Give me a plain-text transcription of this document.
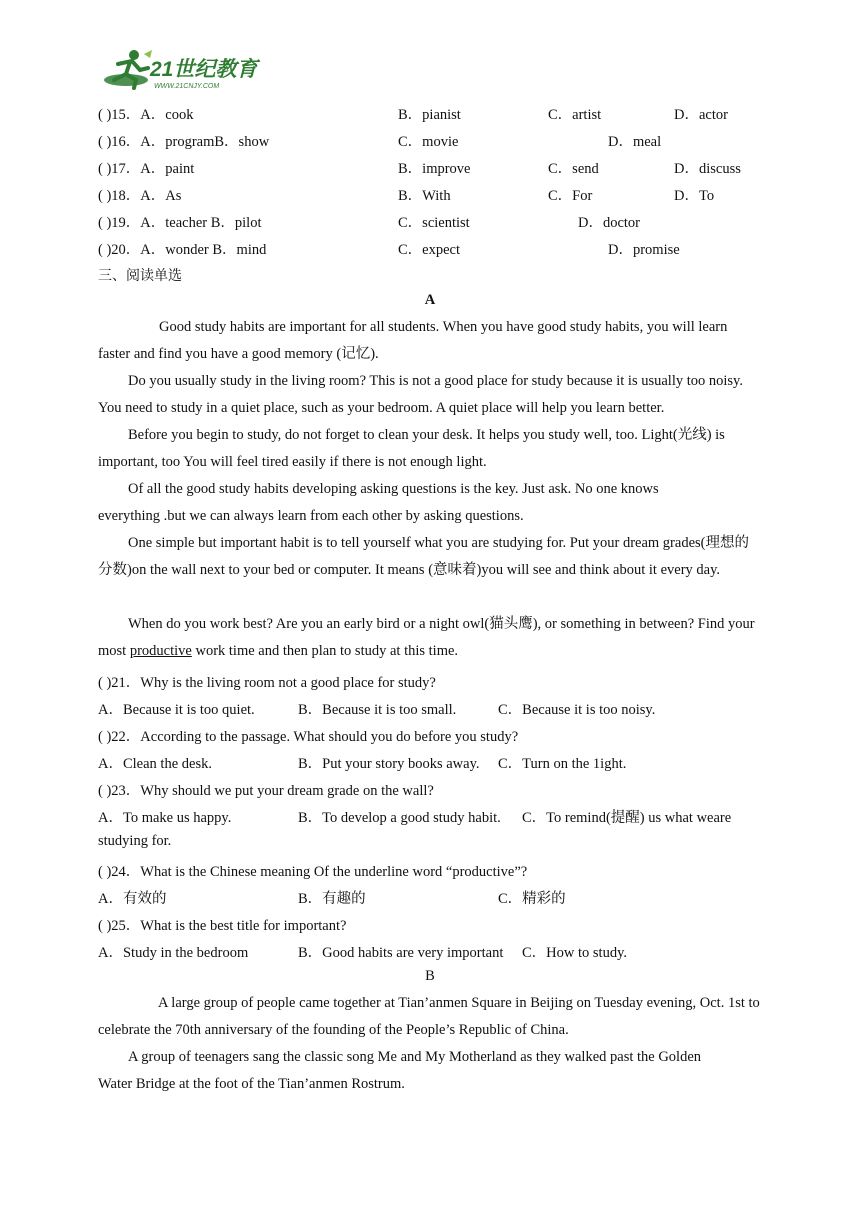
21世纪教育
WWW.21CNJY.COM
( )15．A．cook	B．pianist	C．artist	D．actor
( )16．A．programB．show	C．movie	D．meal
( )17．A．paint	B．improve	C．send	D．discuss
( )18．A．As	B．With	C．For	D．To
( )19．A．teacher B．pilot	C．scientist	D．doctor
( )20．A．wonder B．mind	C．expect	D．promise
三、阅读单选
A
Good study habits are important for all students. When you have good study habits, you will learn faster and find you have a good memory (记忆).
Do you usually study in the living room? This is not a good place for study because it is usually too noisy. You need to study in a quiet place, such as your bedroom. A quiet place will help you learn better.
Before you begin to study, do not forget to clean your desk. It helps you study well, too. Light(光线) is important, too You will feel tired easily if there is not enough light.
Of all the good study habits developing asking questions is the key. Just ask. No one knows everything .but we can always learn from each other by asking questions.
One simple but important habit is to tell yourself what you are studying for. Put your dream grades(理想的分数)on the wall next to your bed or computer. It means (意味着)you will see and think about it every day.
When do you work best? Are you an early bird or a night owl(猫头鹰), or something in between? Find your most productive work time and then plan to study at this time.
( )21．Why is the living room not a good place for study?
A．Because it is too quiet.	B．Because it is too small.	C．Because it is too noisy.
( )22．According to the passage. What should you do before you study?
A．Clean the desk.	B．Put your story books away. C．Turn on the 1ight.
( )23．Why should we put your dream grade on the wall?
A．To make us happy.	B．To develop a good study habit. C．To remind(提醒) us what weare
studying for.
( )24．What is the Chinese meaning Of the underline word “productive”?
A．有效的	B．有趣的	C．精彩的
( )25．What is the best title for important?
A．Study in the bedroom	B．Good habits are very important C．How to study.
B
A large group of people came together at Tian’anmen Square in Beijing on Tuesday evening, Oct. 1st to celebrate the 70th anniversary of the founding of the People’s Republic of China.
A group of teenagers sang the classic song Me and My Motherland as they walked past the Golden Water Bridge at the foot of the Tian’anmen Rostrum.
